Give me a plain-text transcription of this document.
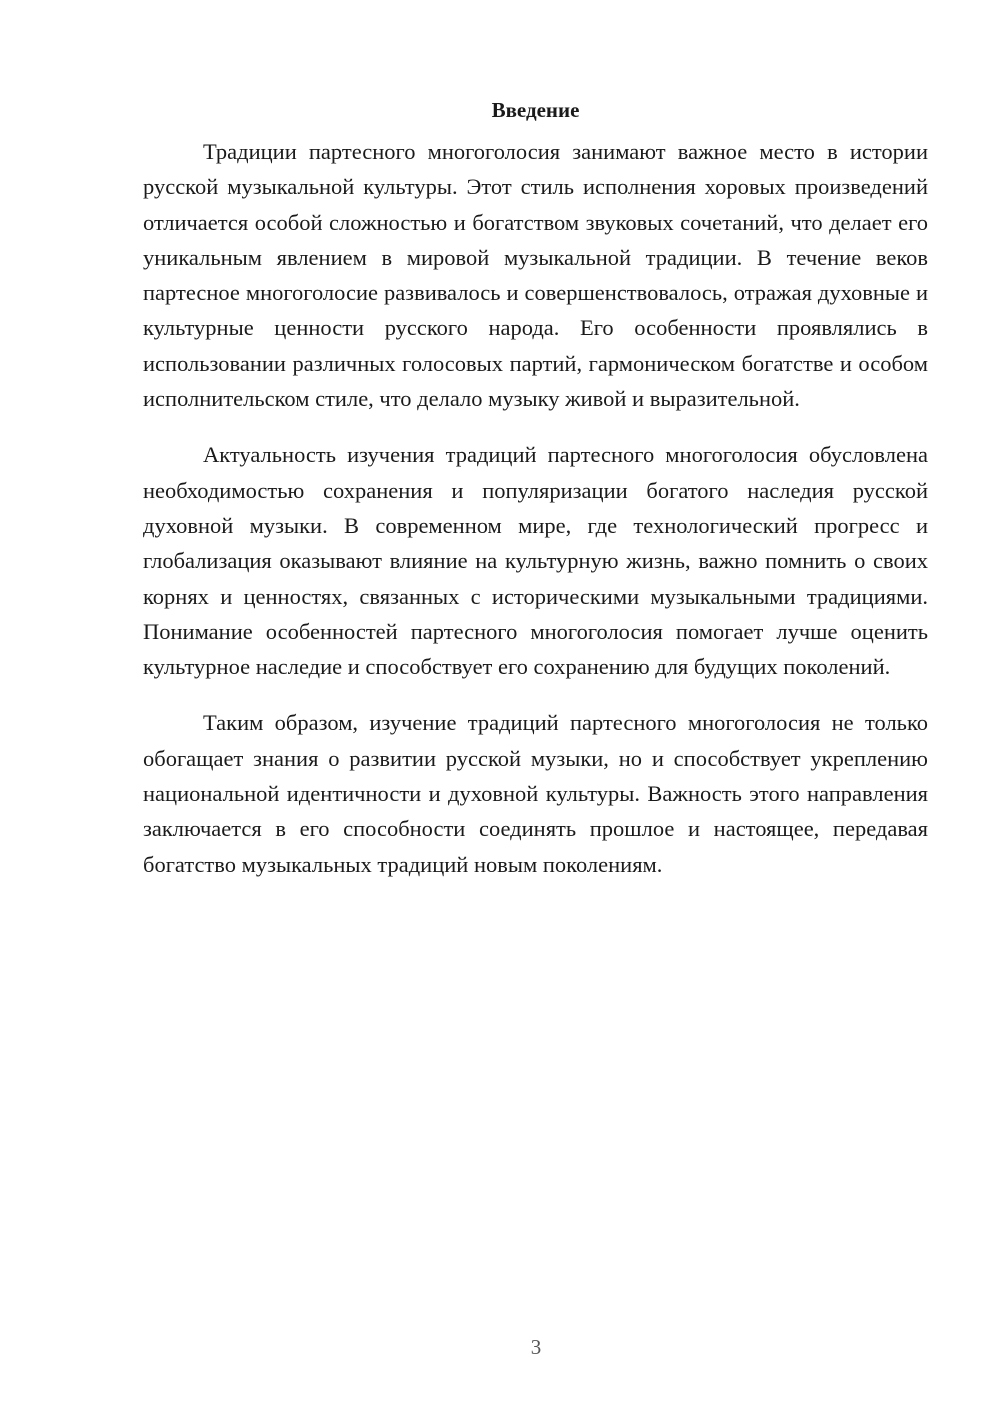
Введение

Традиции партесного многоголосия занимают важное место в истории русской музыкальной культуры. Этот стиль исполнения хоровых произведений отличается особой сложностью и богатством звуковых сочетаний, что делает его уникальным явлением в мировой музыкальной традиции. В течение веков партесное многоголосие развивалось и совершенствовалось, отражая духовные и культурные ценности русского народа. Его особенности проявлялись в использовании различных голосовых партий, гармоническом богатстве и особом исполнительском стиле, что делало музыку живой и выразительной.

Актуальность изучения традиций партесного многоголосия обусловлена необходимостью сохранения и популяризации богатого наследия русской духовной музыки. В современном мире, где технологический прогресс и глобализация оказывают влияние на культурную жизнь, важно помнить о своих корнях и ценностях, связанных с историческими музыкальными традициями. Понимание особенностей партесного многоголосия помогает лучше оценить культурное наследие и способствует его сохранению для будущих поколений.

Таким образом, изучение традиций партесного многоголосия не только обогащает знания о развитии русской музыки, но и способствует укреплению национальной идентичности и духовной культуры. Важность этого направления заключается в его способности соединять прошлое и настоящее, передавая богатство музыкальных традиций новым поколениям.

3
